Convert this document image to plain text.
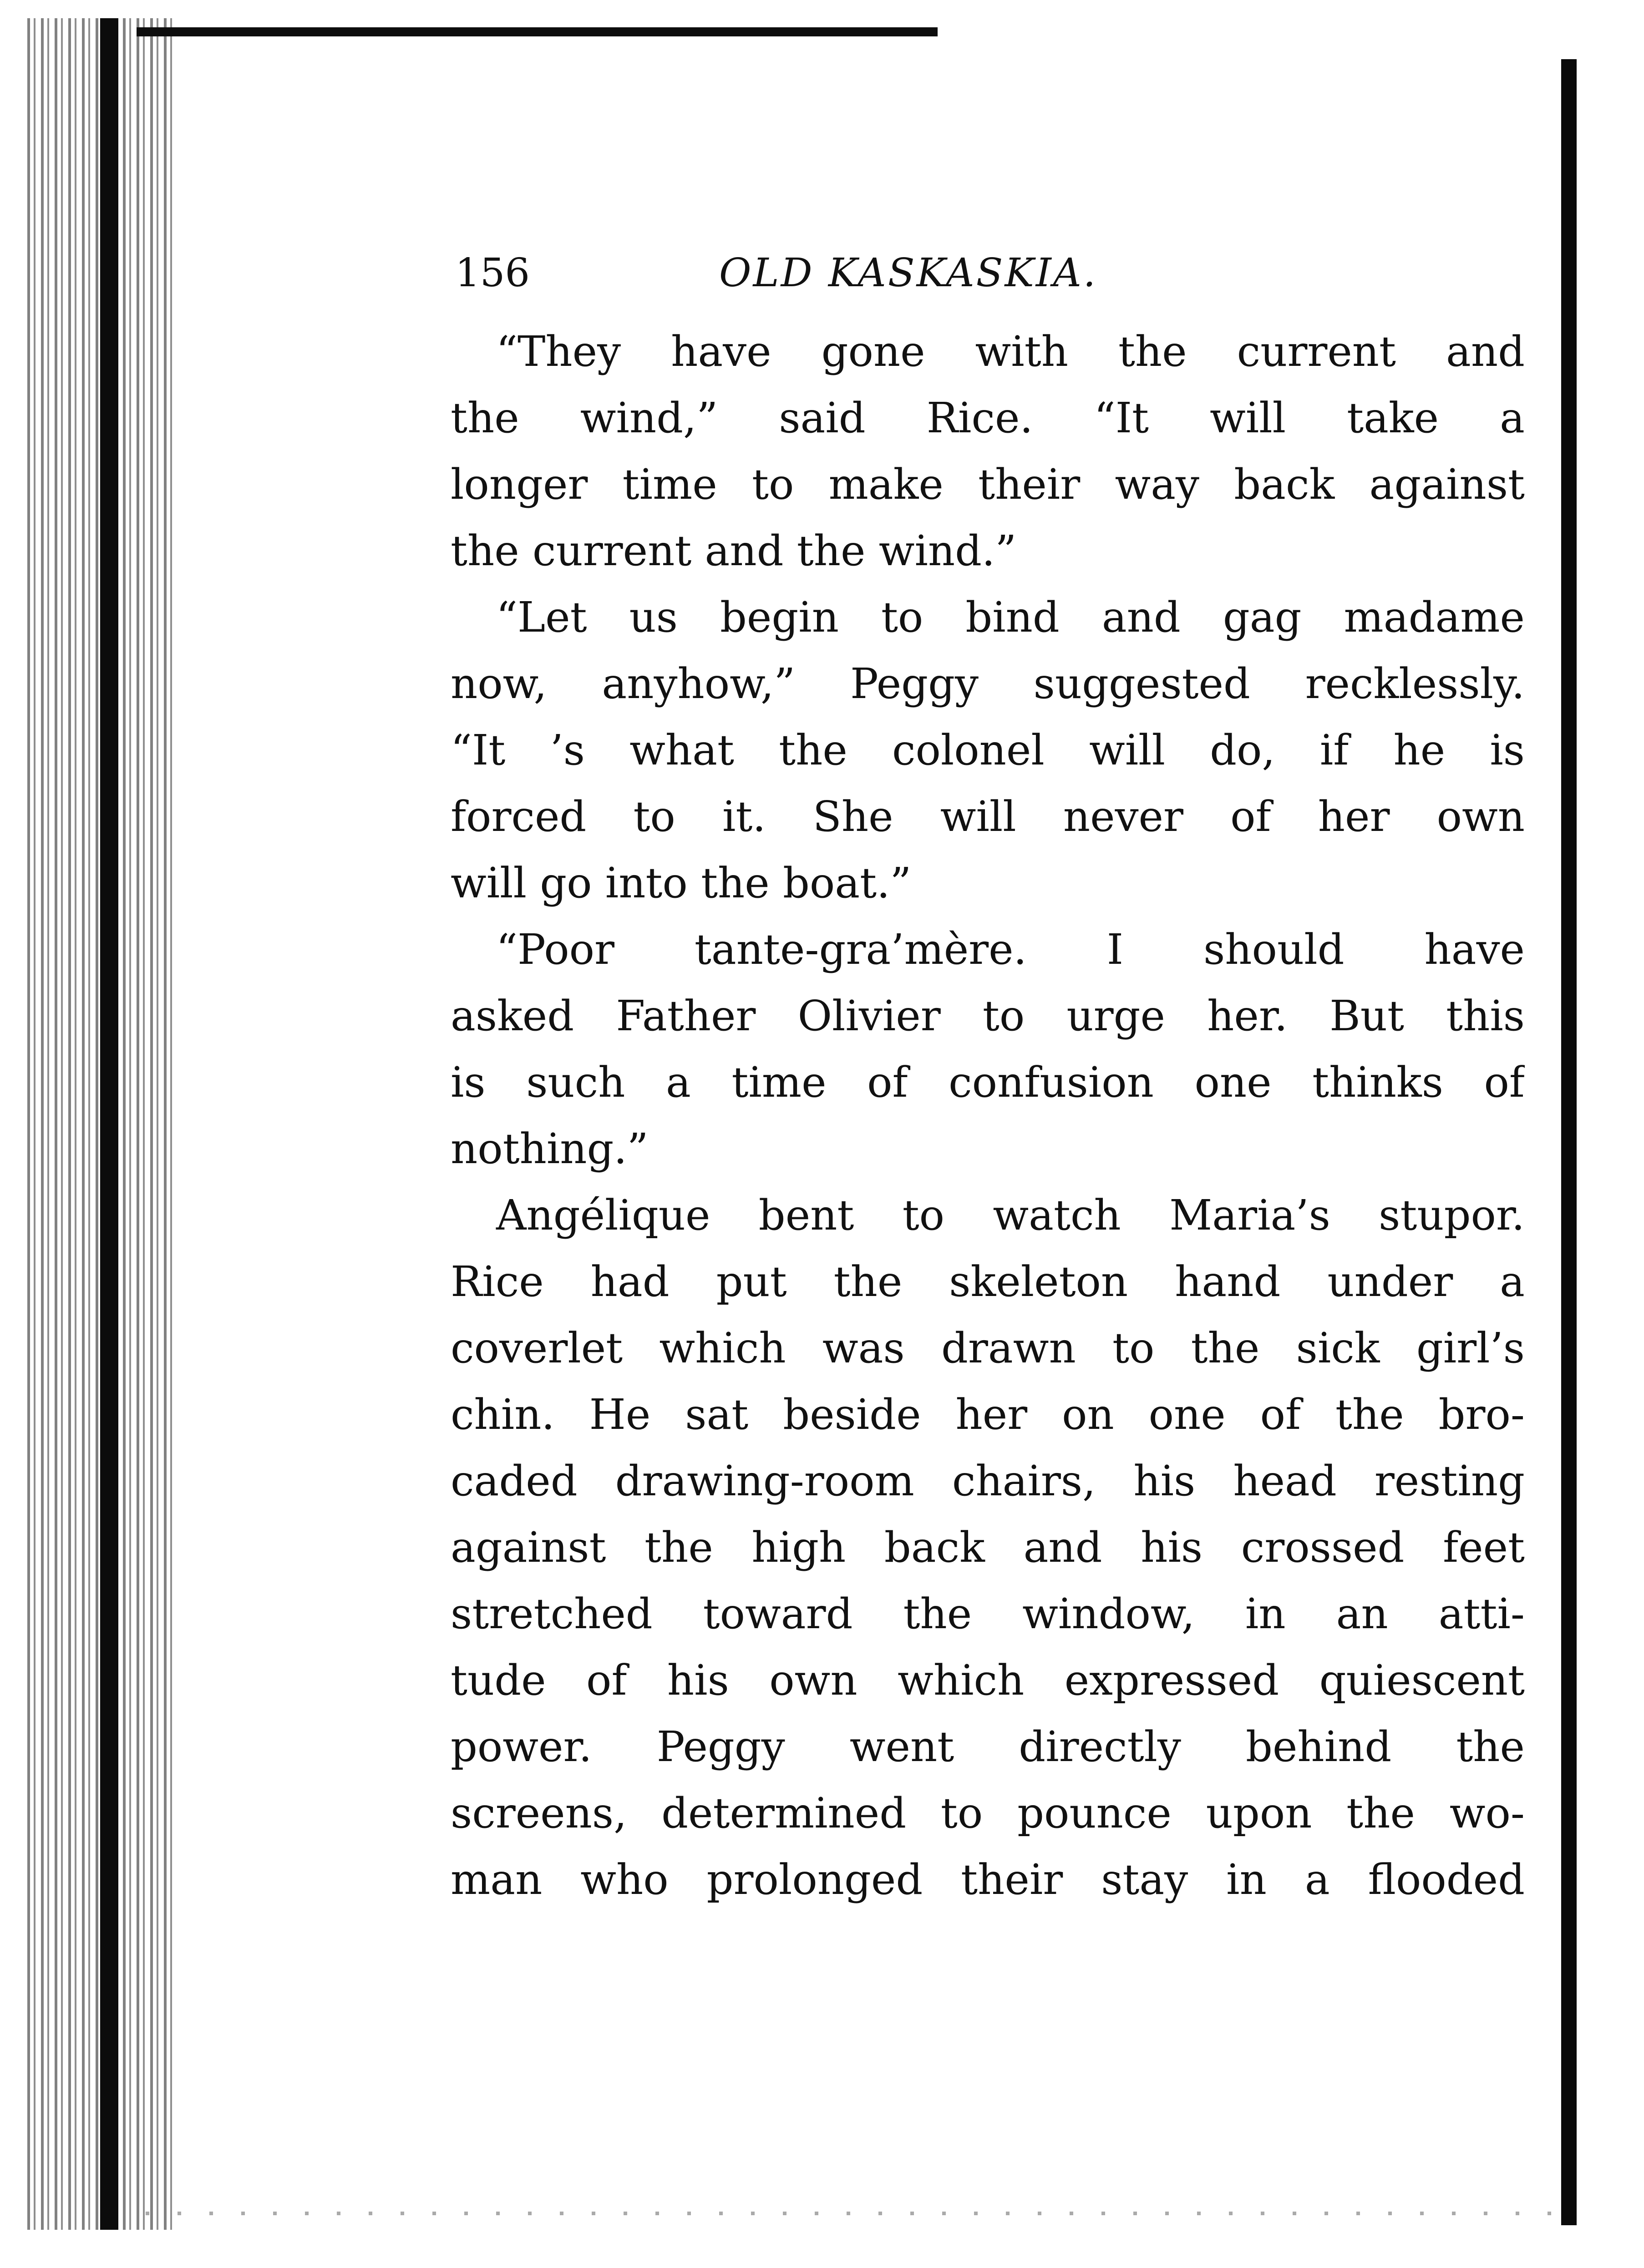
156	OLD KASKASKIA.
“They have gone with the current and
the wind,” said Rice. “It will take a
longer time to make their way back against
the current and the wind.”
“Let us begin to bind and gag madame
now, anyhow,” Peggy suggested recklessly.
“It ’s what the colonel will do, if he is
forced to it. She will never of her own
will go into the boat.”
“Poor tante-gra’mère. I should have
asked Father Olivier to urge her. But this
is such a time of confusion one thinks of
nothing.”
Angélique bent to watch Maria’s stupor.
Rice had put the skeleton hand under a
coverlet which was drawn to the sick girl’s
chin. He sat beside her on one of the bro-
caded drawing-room chairs, his head resting
against the high back and his crossed feet
stretched toward the window, in an atti-
tude of his own which expressed quiescent
power. Peggy went directly behind the
screens, determined to pounce upon the wo-
man who prolonged their stay in a flooded
